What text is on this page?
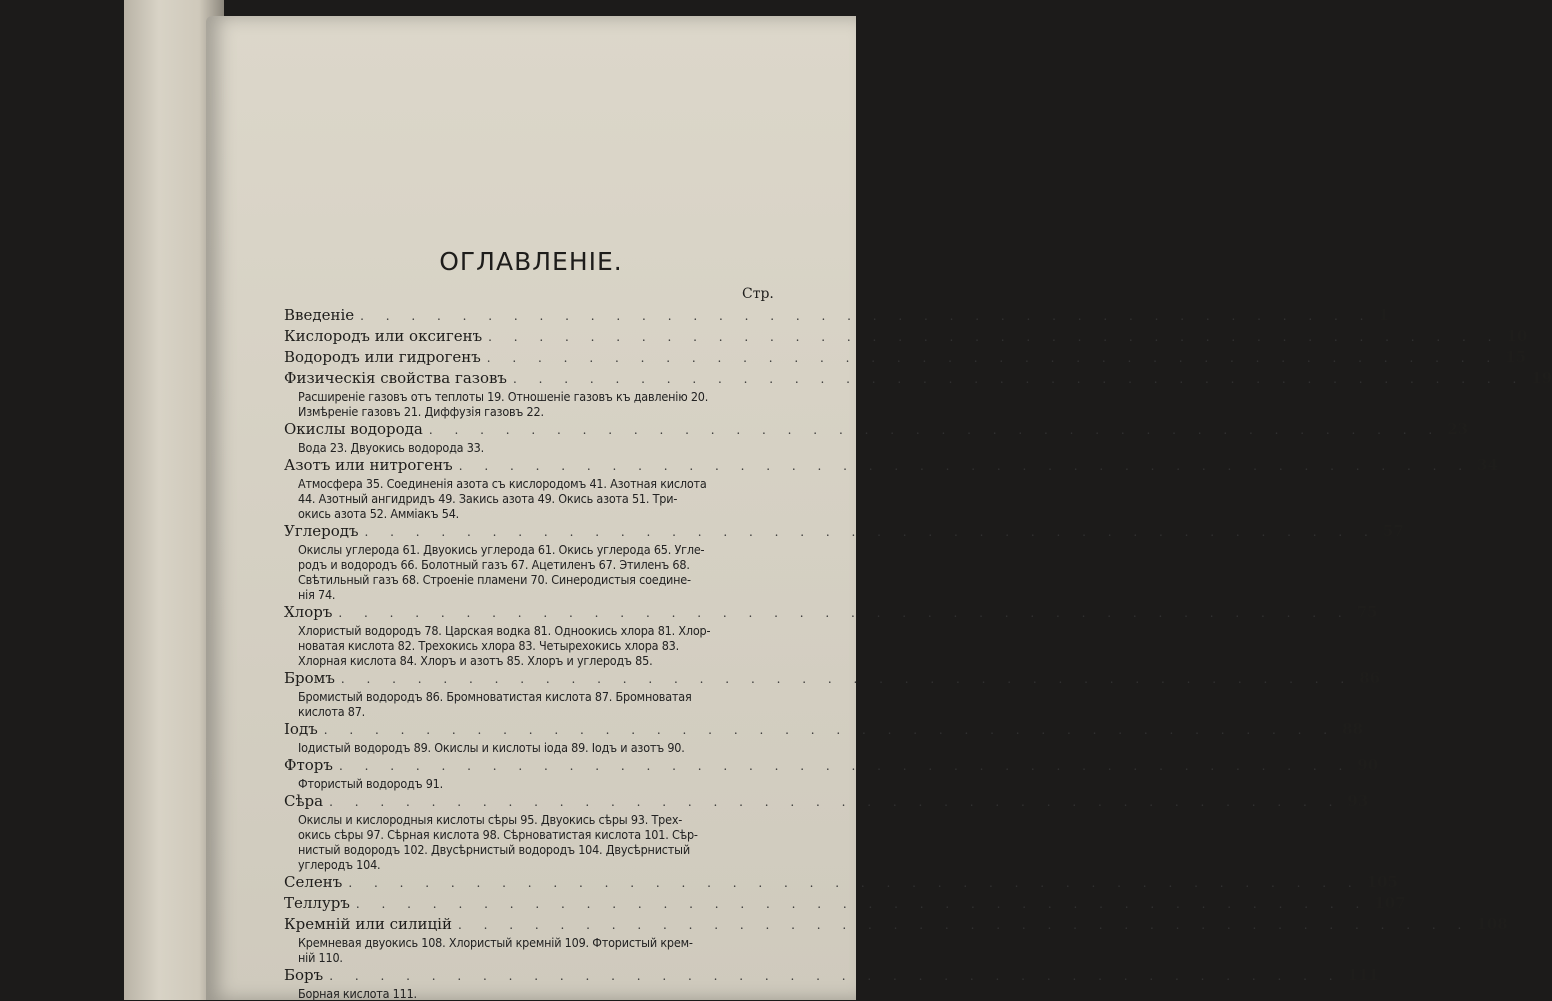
ОГЛАВЛЕНІЕ.
Стр.
Введеніе . . . . . . . . . . . . . . . . . . . . . . . . . . . . . . . . . . . . . . . . 1
Кислородъ или оксигенъ . . . . . . . . . . . . . . . . . . . . . . . . . . . . . . . . . . . . . . . . 10
Водородъ или гидрогенъ . . . . . . . . . . . . . . . . . . . . . . . . . . . . . . . . . . . . . . . . 15
Физическія свойства газовъ . . . . . . . . . . . . . . . . . . . . . . . . . . . . . . . . . . . . . . . . 19
Расширеніе газовъ отъ теплоты 19. Отношеніе газовъ къ давленію 20.
Измѣреніе газовъ 21. Диффузія газовъ 22.
Окислы водорода . . . . . . . . . . . . . . . . . . . . . . . . . . . . . . . . . . . . . . . . 23
Вода 23. Двуокись водорода 33.
Азотъ или нитрогенъ . . . . . . . . . . . . . . . . . . . . . . . . . . . . . . . . . . . . . . . . 34
Атмосфера 35. Соединенія азота съ кислородомъ 41. Азотная кислота
44. Азотный ангидридъ 49. Закись азота 49. Окись азота 51. Три-
окись азота 52. Амміакъ 54.
Углеродъ . . . . . . . . . . . . . . . . . . . . . . . . . . . . . . . . . . . . . . . . 57
Окислы углерода 61. Двуокись углерода 61. Окись углерода 65. Угле-
родъ и водородъ 66. Болотный газъ 67. Ацетиленъ 67. Этиленъ 68.
Свѣтильный газъ 68. Строеніе пламени 70. Синеродистыя соедине-
нія 74.
Хлоръ . . . . . . . . . . . . . . . . . . . . . . . . . . . . . . . . . . . . . . . . 75
Хлористый водородъ 78. Царская водка 81. Одноокись хлора 81. Хлор-
новатая кислота 82. Трехокись хлора 83. Четырехокись хлора 83.
Хлорная кислота 84. Хлоръ и азотъ 85. Хлоръ и углеродъ 85.
Бромъ . . . . . . . . . . . . . . . . . . . . . . . . . . . . . . . . . . . . . . . . 86
Бромистый водородъ 86. Бромноватистая кислота 87. Бромноватая
кислота 87.
Іодъ . . . . . . . . . . . . . . . . . . . . . . . . . . . . . . . . . . . . . . . . 88
Іодистый водородъ 89. Окислы и кислоты іода 89. Іодъ и азотъ 90.
Фторъ . . . . . . . . . . . . . . . . . . . . . . . . . . . . . . . . . . . . . . . . 90
Фтористый водородъ 91.
Сѣра . . . . . . . . . . . . . . . . . . . . . . . . . . . . . . . . . . . . . . . . 93
Окислы и кислородныя кислоты сѣры 95. Двуокись сѣры 93. Трех-
окись сѣры 97. Сѣрная кислота 98. Сѣрноватистая кислота 101. Сѣр-
нистый водородъ 102. Двусѣрнистый водородъ 104. Двусѣрнистый
углеродъ 104.
Селенъ . . . . . . . . . . . . . . . . . . . . . . . . . . . . . . . . . . . . . . . . 105
Теллуръ . . . . . . . . . . . . . . . . . . . . . . . . . . . . . . . . . . . . . . . . 107
Кремній или силицій . . . . . . . . . . . . . . . . . . . . . . . . . . . . . . . . . . . . . . . . 108
Кремневая двуокись 108. Хлористый кремній 109. Фтористый крем-
ній 110.
Боръ . . . . . . . . . . . . . . . . . . . . . . . . . . . . . . . . . . . . . . . . 111
Борная кислота 111.
